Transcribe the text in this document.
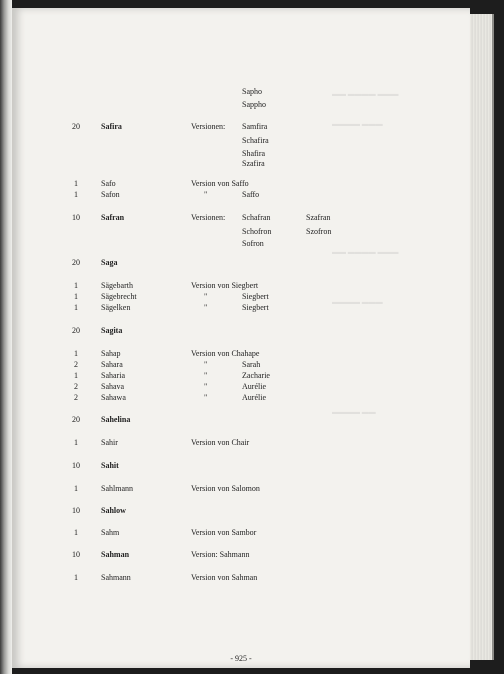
▬▬▬ ▬▬▬▬ ▬▬
▬▬▬ ▬▬▬▬
▬▬▬ ▬▬▬▬ ▬▬
▬▬▬ ▬▬▬▬
▬▬ ▬▬▬▬
Sapho
Sappho
20	Safira	Versionen: Samfira
Schafira
Shafira
Szafira
1	Safo	Version von Saffo
1	Safon	"	Saffo
10	Safran	Versionen: Schafran	Szafran
Schofron	Szofron
Sofron
20	Saga
1	Sägebarth	Version von Siegbert
1	Sägebrecht	"	Siegbert
1	Sägelken	"	Siegbert
20	Sagita
1	Sahap	Version von Chahape
2	Sahara	"	Sarah
1	Saharia	"	Zacharie
2	Sahava	"	Aurélie
2	Sahawa	"	Aurélie
20	Sahelina
1	Sahir	Version von Chair
10	Sahit
1	Sahlmann	Version von Salomon
10	Sahlow
1	Sahm	Version von Sambor
10	Sahman	Version: Sahmann
1	Sahmann	Version von Sahman
- 925 -
